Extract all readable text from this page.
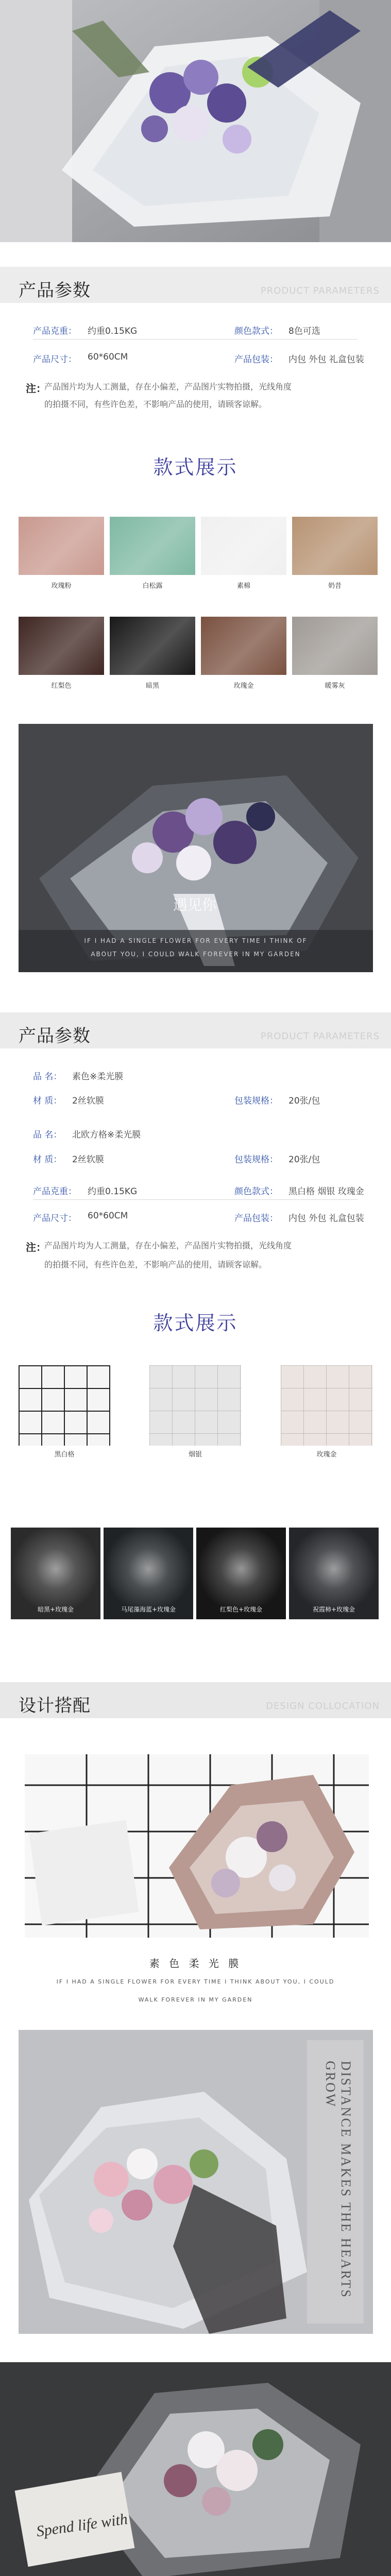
产品参数	PRODUCT PARAMETERS
产品克重： 约重0.15KG	颜色款式： 8色可选
产品尺寸： 60*60CM	产品包装： 内包 外包 礼盒包装
注：
产品图片均为人工测量，存在小偏差，产品图片实物拍摄，光线角度
的拍摄不同，有些许色差，不影响产品的使用，请顾客谅解。
款式展示
玫瑰粉	白松露	素棉	奶昔
红梨色	暗黑	玫瑰金	暖雾灰
遇见你
IF I HAD A SINGLE FLOWER FOR EVERY TIME I THINK OF
ABOUT YOU, I COULD WALK FOREVER IN MY GARDEN
产品参数	PRODUCT PARAMETERS
品 名： 素色※柔光膜
材 质： 2丝软膜	包装规格： 20张/包
品 名： 北欧方格※柔光膜
材 质： 2丝软膜	包装规格： 20张/包
产品克重： 约重0.15KG	颜色款式： 黑白格 烟银 玫瑰金
产品尺寸： 60*60CM	产品包装： 内包 外包 礼盒包装
注：
产品图片均为人工测量，存在小偏差，产品图片实物拍摄，光线角度
的拍摄不同，有些许色差，不影响产品的使用，请顾客谅解。
款式展示
黑白格	烟银	玫瑰金
暗黑+玫瑰金	马尾藻海蓝+玫瑰金	红梨色+玫瑰金	祝霞柿+玫瑰金
设计搭配	DESIGN COLLOCATION
素 色 柔 光 膜
IF I HAD A SINGLE FLOWER FOR EVERY TIME I THINK ABOUT YOU, I COULD
WALK FOREVER IN MY GARDEN
DISTANCE MAKES THE HEARTS GROW
Spend life with
